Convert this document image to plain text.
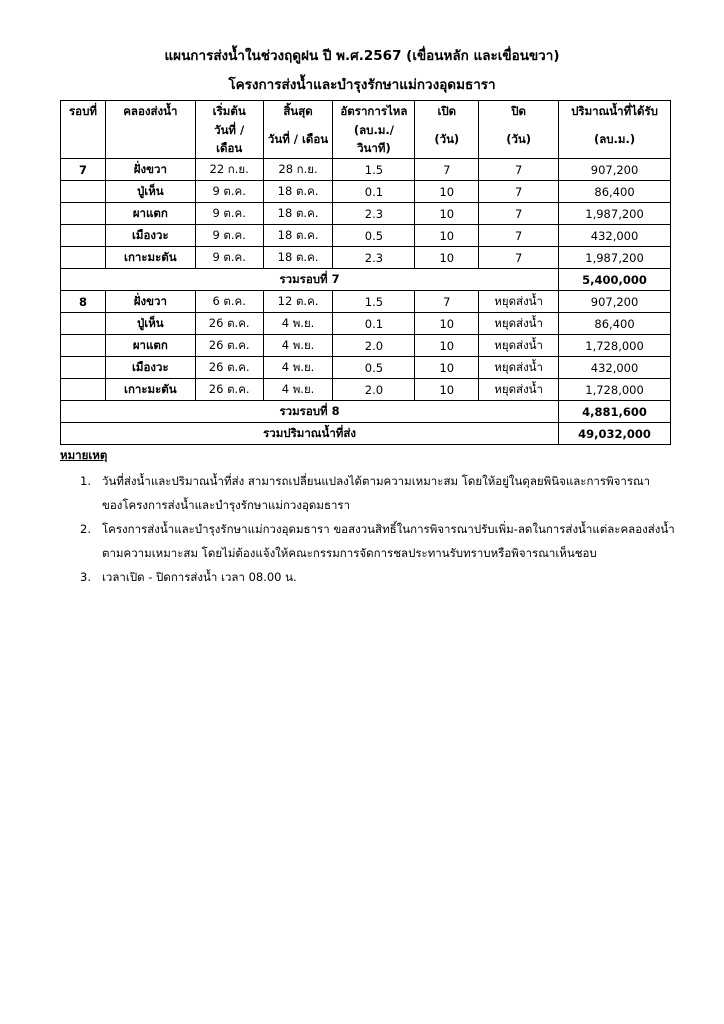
แผนการส่งน้ำในช่วงฤดูฝน ปี พ.ศ.2567 (เขื่อนหลัก และเขื่อนขวา)
โครงการส่งน้ำและบำรุงรักษาแม่กวงอุดมธารา
รอบที่	คลองส่งน้ำ	เริ่มต้น	สิ้นสุด	อัตราการไหล	เปิด	ปิด	ปริมาณน้ำที่ได้รับ
		วันที่ / เดือน	วันที่ / เดือน	(ลบ.ม./วินาที)	(วัน)	(วัน)	(ลบ.ม.)
7	ฝั่งขวา	22 ก.ย.	28 ก.ย.	1.5	7	7	907,200
	ปู่เห็น	9 ต.ค.	18 ต.ค.	0.1	10	7	86,400
	ผาแตก	9 ต.ค.	18 ต.ค.	2.3	10	7	1,987,200
	เมืองวะ	9 ต.ค.	18 ต.ค.	0.5	10	7	432,000
	เกาะมะตัน	9 ต.ค.	18 ต.ค.	2.3	10	7	1,987,200
รวมรอบที่ 7							5,400,000
8	ฝั่งขวา	6 ต.ค.	12 ต.ค.	1.5	7	หยุดส่งน้ำ	907,200
	ปู่เห็น	26 ต.ค.	4 พ.ย.	0.1	10	หยุดส่งน้ำ	86,400
	ผาแตก	26 ต.ค.	4 พ.ย.	2.0	10	หยุดส่งน้ำ	1,728,000
	เมืองวะ	26 ต.ค.	4 พ.ย.	0.5	10	หยุดส่งน้ำ	432,000
	เกาะมะตัน	26 ต.ค.	4 พ.ย.	2.0	10	หยุดส่งน้ำ	1,728,000
รวมรอบที่ 8							4,881,600
รวมปริมาณน้ำที่ส่ง							49,032,000
หมายเหตุ
1. วันที่ส่งน้ำและปริมาณน้ำที่ส่ง สามารถเปลี่ยนแปลงได้ตามความเหมาะสม โดยให้อยู่ในดุลยพินิจและการพิจารณา
ของโครงการส่งน้ำและบำรุงรักษาแม่กวงอุดมธารา
2. โครงการส่งน้ำและบำรุงรักษาแม่กวงอุดมธารา ขอสงวนสิทธิ์ในการพิจารณาปรับเพิ่ม-ลดในการส่งน้ำแต่ละคลองส่งน้ำ
ตามความเหมาะสม โดยไม่ต้องแจ้งให้คณะกรรมการจัดการชลประทานรับทราบหรือพิจารณาเห็นชอบ
3. เวลาเปิด - ปิดการส่งน้ำ เวลา 08.00 น.
